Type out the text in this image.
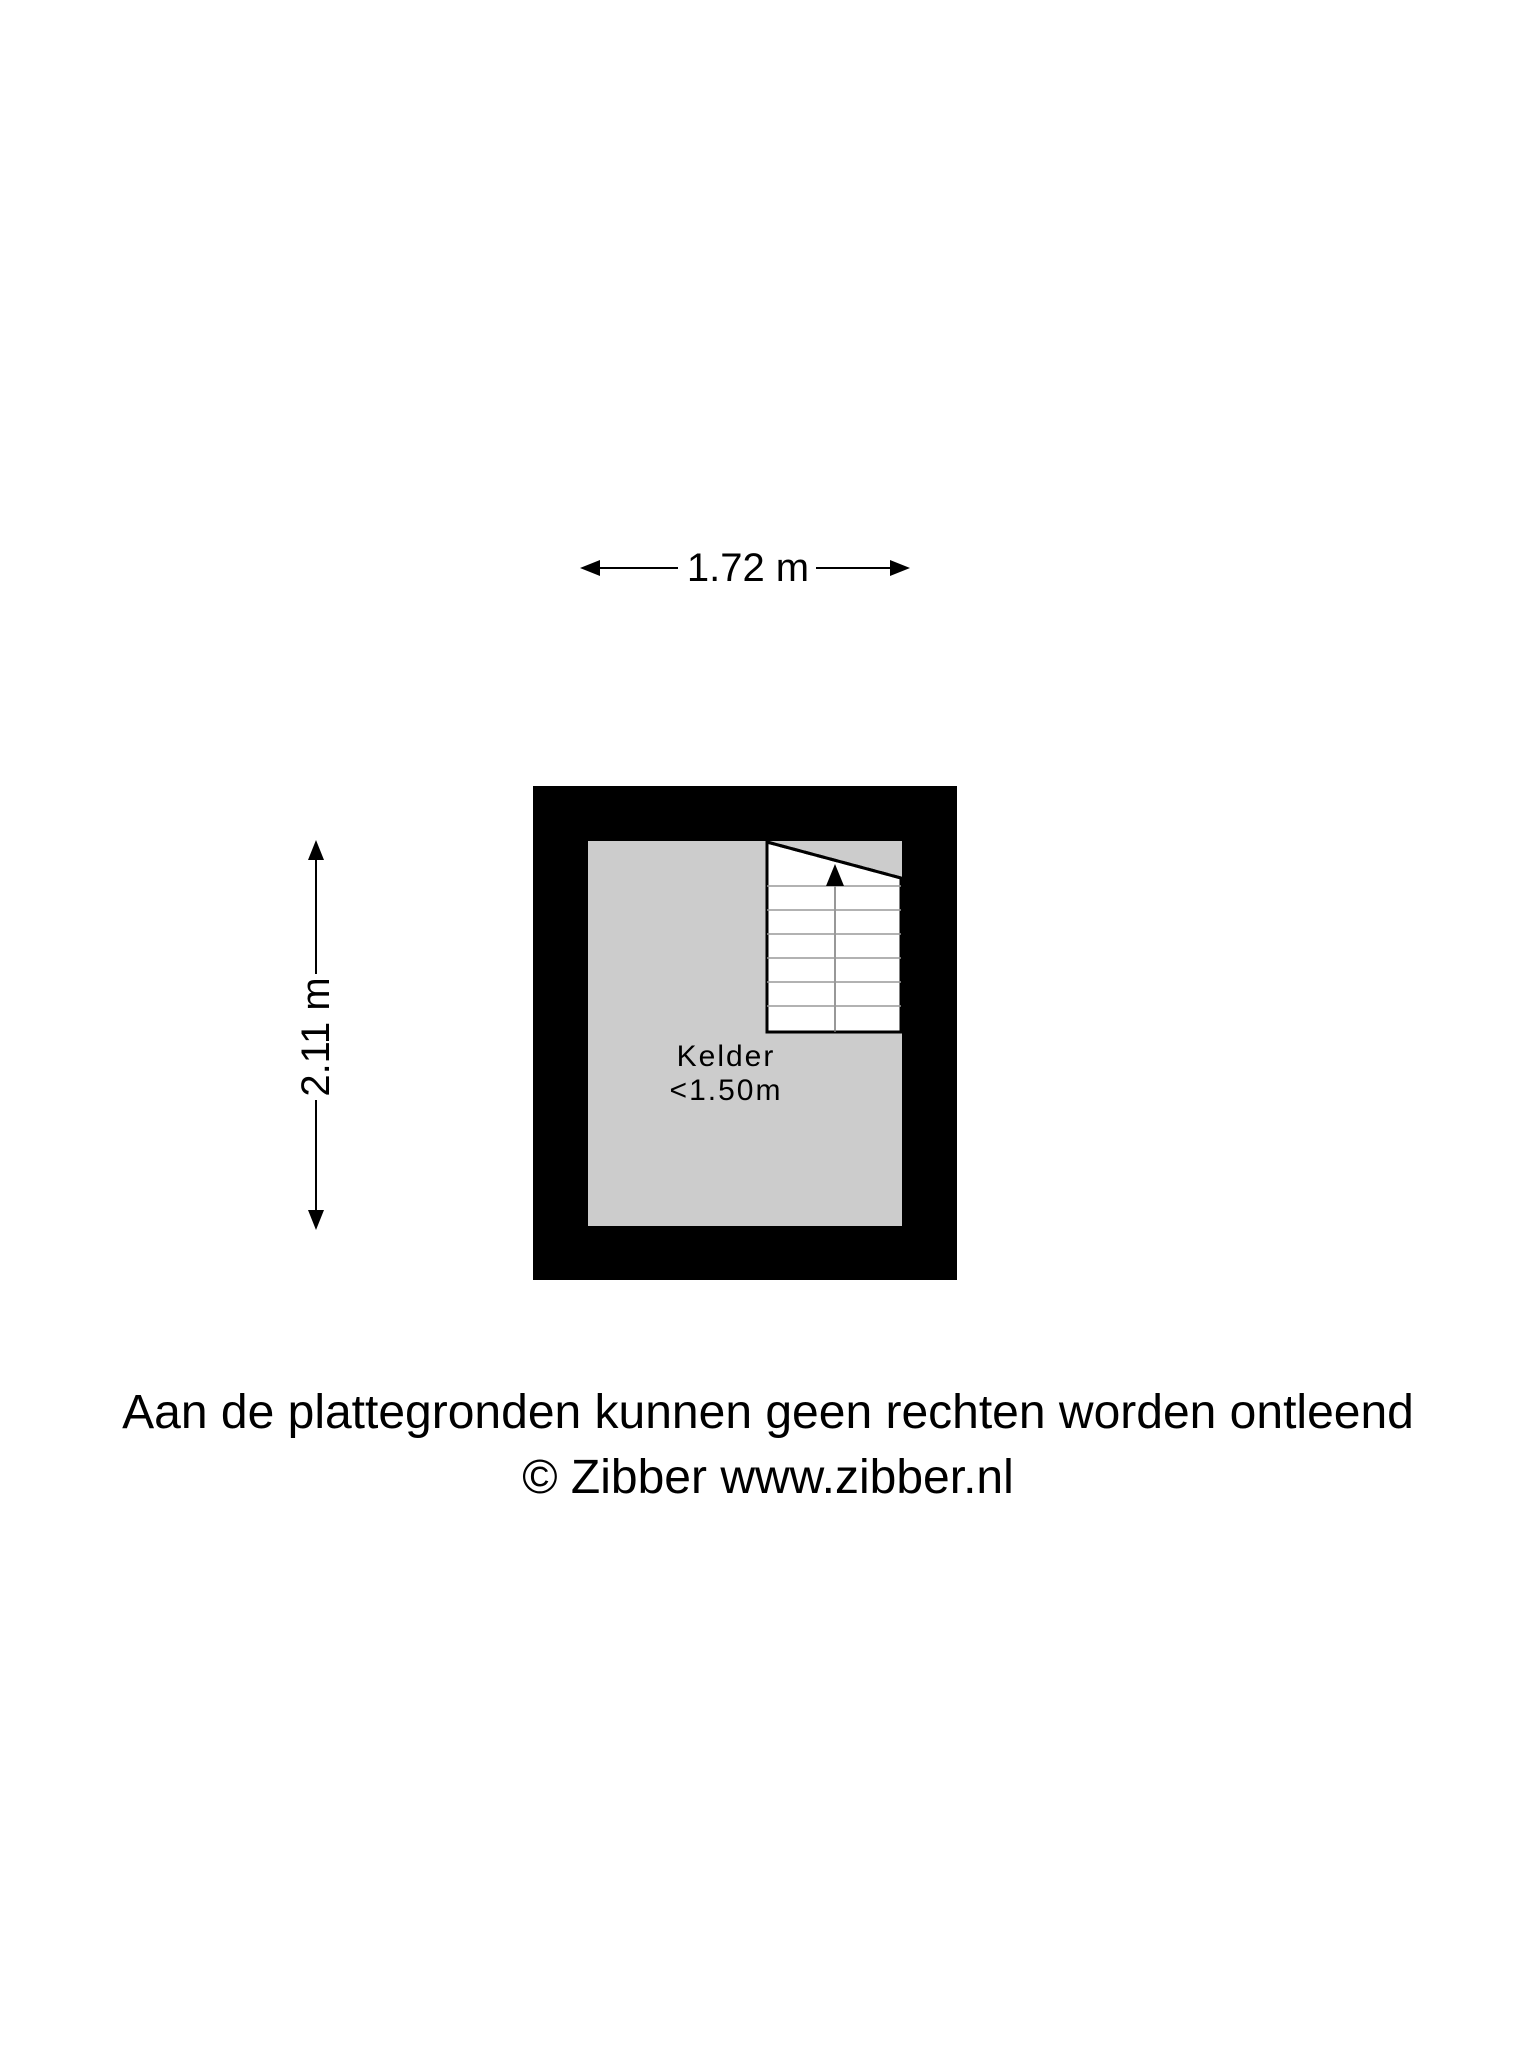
1.72 m
2.11 m	Kelder
<1.50m
Aan de plattegronden kunnen geen rechten worden ontleend
© Zibber www.zibber.nl
